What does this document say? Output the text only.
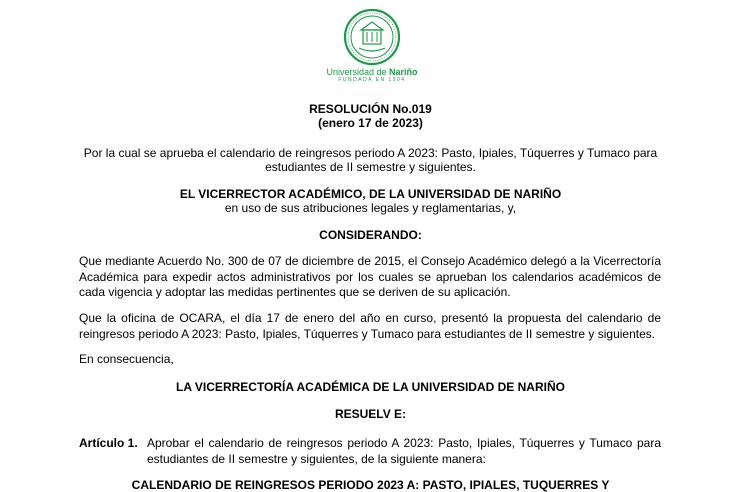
Universidad de Nariño
FUNDADA EN 1904
RESOLUCIÓN No.019
(enero 17 de 2023)
Por la cual se aprueba el calendario de reingresos periodo A 2023: Pasto, Ipiales, Túquerres y Tumaco para estudiantes de II semestre y siguientes.
EL VICERRECTOR ACADÉMICO, DE LA UNIVERSIDAD DE NARIÑO
en uso de sus atribuciones legales y reglamentarias, y,
CONSIDERANDO:
Que mediante Acuerdo No. 300 de 07 de diciembre de 2015, el Consejo Académico delegó a la Vicerrectoría Académica para expedir actos administrativos por los cuales se aprueban los calendarios académicos de cada vigencia y adoptar las medidas pertinentes que se deriven de su aplicación.
Que la oficina de OCARA, el día 17 de enero del año en curso, presentó la propuesta del calendario de reingresos periodo A 2023: Pasto, Ipiales, Túquerres y Tumaco para estudiantes de II semestre y siguientes.
En consecuencia,
LA VICERRECTORÍA ACADÉMICA DE LA UNIVERSIDAD DE NARIÑO
RESUELV E:
Artículo 1. Aprobar el calendario de reingresos periodo A 2023: Pasto, Ipiales, Túquerres y Tumaco para estudiantes de II semestre y siguientes, de la siguiente manera:
CALENDARIO DE REINGRESOS PERIODO 2023 A: PASTO, IPIALES, TUQUERRES Y
